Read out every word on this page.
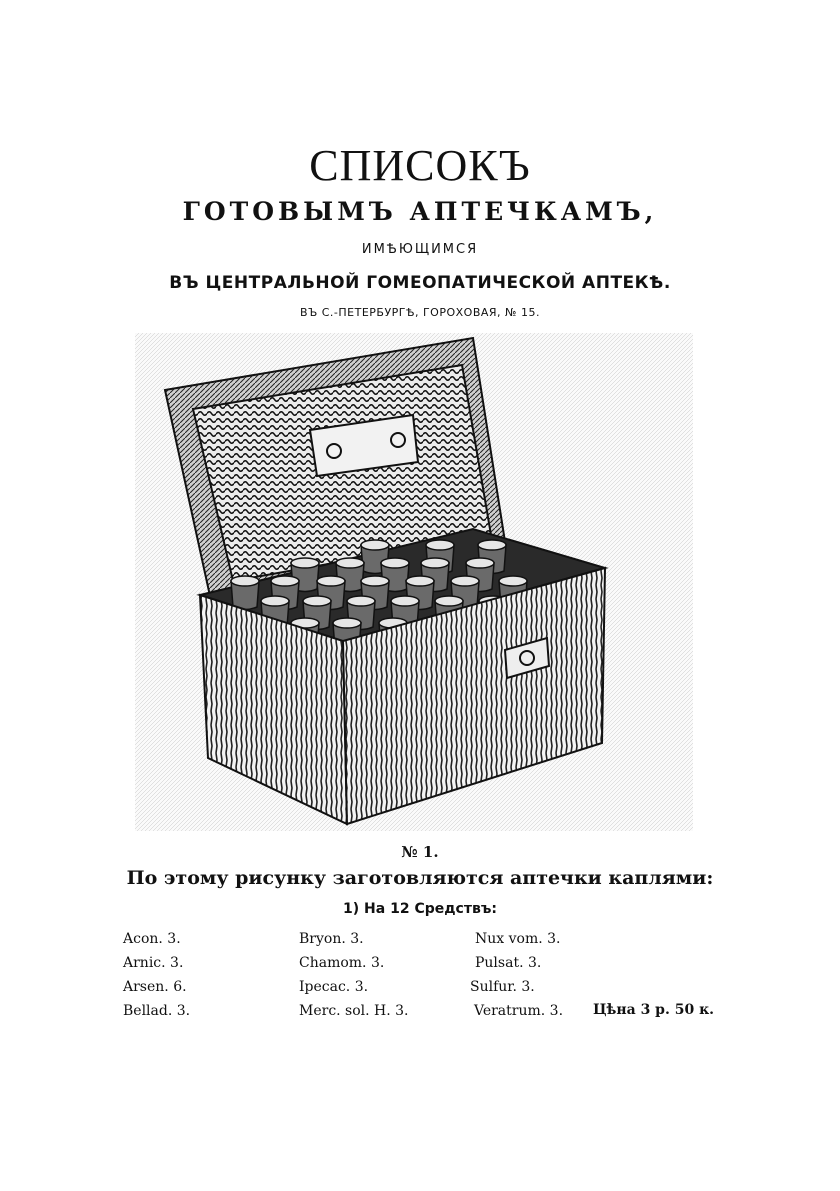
СПИСОКЪ
ГОТОВЫМЪ АПТЕЧКАМЪ,
ИМѢЮЩИМСЯ
ВЪ ЦЕНТРАЛЬНОЙ ГОМЕОПАТИЧЕСКОЙ АПТЕКѢ.
ВЪ С.-ПЕТЕРБУРГѢ, ГОРОХОВАЯ, № 15.
№ 1.
По этому рисунку заготовляются аптечки каплями:
1) На 12 Средствъ:
Acon. 3.
Arnic. 3.
Arsen. 6.
Bellad. 3.
Bryon. 3.
Chamom. 3.
Ipecac. 3.
Merc. sol. H. 3.
Nux vom. 3.
Pulsat. 3.
Sulfur. 3.
Veratrum. 3. Цѣна 3 р. 50 к.
